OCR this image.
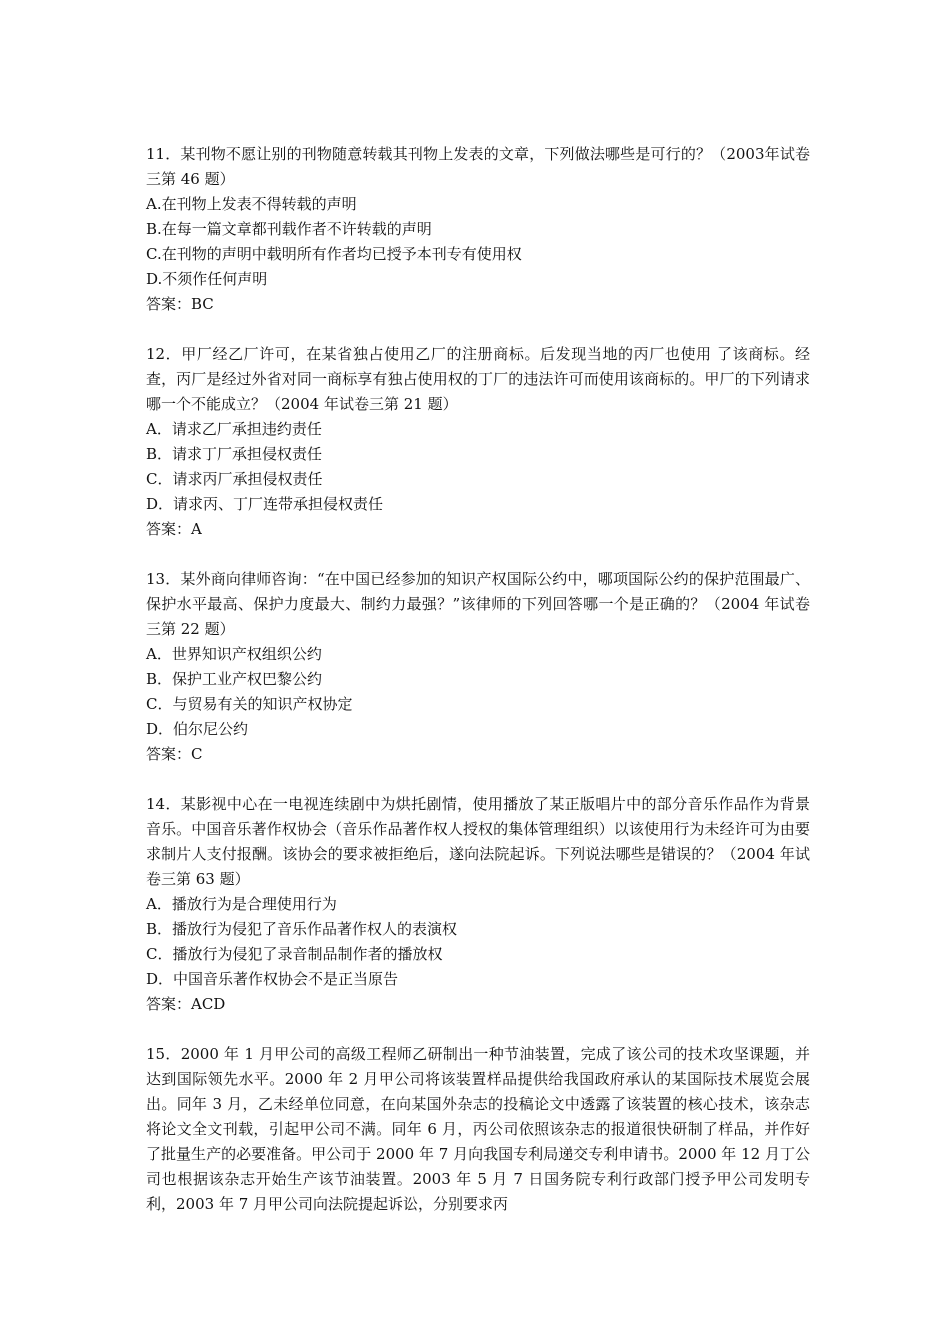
11．某刊物不愿让别的刊物随意转载其刊物上发表的文章，下列做法哪些是可行的？（2003年试卷三第 46 题）

A.在刊物上发表不得转载的声明

B.在每一篇文章都刊载作者不许转载的声明

C.在刊物的声明中载明所有作者均已授予本刊专有使用权

D.不须作任何声明

答案：BC

12．甲厂经乙厂许可，在某省独占使用乙厂的注册商标。后发现当地的丙厂也使用 了该商标。经查，丙厂是经过外省对同一商标享有独占使用权的丁厂的违法许可而使用该商标的。甲厂的下列请求哪一个不能成立？（2004 年试卷三第 21 题）

A．请求乙厂承担违约责任

B．请求丁厂承担侵权责任

C．请求丙厂承担侵权责任

D．请求丙、丁厂连带承担侵权责任

答案：A

13．某外商向律师咨询：“在中国已经参加的知识产权国际公约中，哪项国际公约的保护范围最广、保护水平最高、保护力度最大、制约力最强？”该律师的下列回答哪一个是正确的？（2004 年试卷三第 22 题）

A．世界知识产权组织公约

B．保护工业产权巴黎公约

C．与贸易有关的知识产权协定

D．伯尔尼公约

答案：C

14．某影视中心在一电视连续剧中为烘托剧情，使用播放了某正版唱片中的部分音乐作品作为背景音乐。中国音乐著作权协会（音乐作品著作权人授权的集体管理组织）以该使用行为未经许可为由要求制片人支付报酬。该协会的要求被拒绝后，遂向法院起诉。下列说法哪些是错误的？（2004 年试卷三第 63 题）

A．播放行为是合理使用行为

B．播放行为侵犯了音乐作品著作权人的表演权

C．播放行为侵犯了录音制品制作者的播放权

D．中国音乐著作权协会不是正当原告

答案：ACD

15．2000 年 1 月甲公司的高级工程师乙研制出一种节油装置，完成了该公司的技术攻坚课题，并达到国际领先水平。2000 年 2 月甲公司将该装置样品提供给我国政府承认的某国际技术展览会展出。同年 3 月，乙未经单位同意，在向某国外杂志的投稿论文中透露了该装置的核心技术，该杂志将论文全文刊载，引起甲公司不满。同年 6 月，丙公司依照该杂志的报道很快研制了样品，并作好了批量生产的必要准备。甲公司于 2000 年 7 月向我国专利局递交专利申请书。2000 年 12 月丁公司也根据该杂志开始生产该节油装置。2003 年 5 月 7 日国务院专利行政部门授予甲公司发明专利，2003 年 7 月甲公司向法院提起诉讼，分别要求丙
